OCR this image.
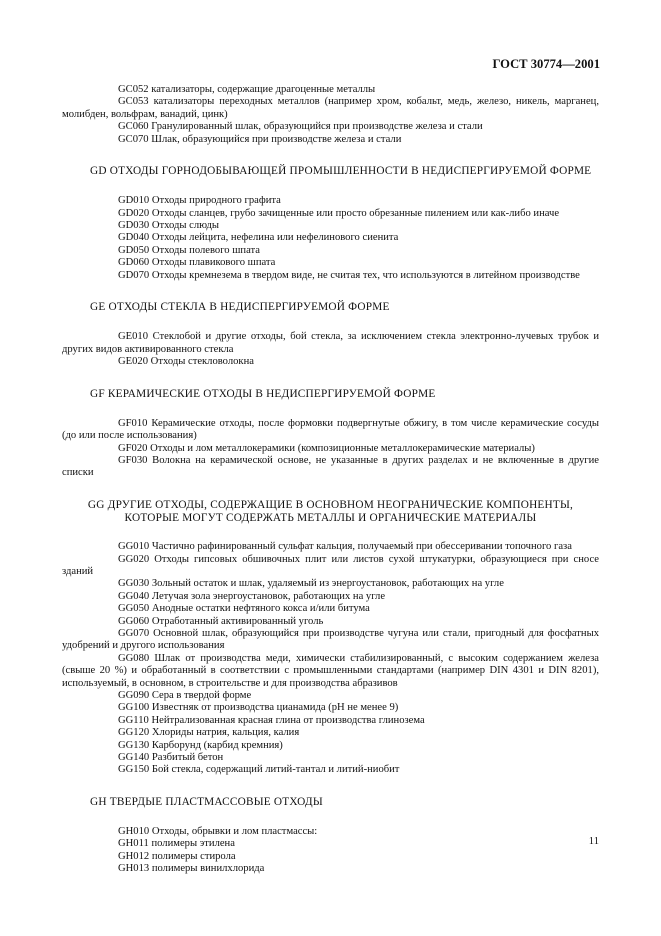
ГОСТ 30774—2001

GC052 катализаторы, содержащие драгоценные металлы

GC053 катализаторы переходных металлов (например хром, кобальт, медь, железо, никель, марганец, молибден, вольфрам, ванадий, цинк)

GC060 Гранулированный шлак, образующийся при производстве железа и стали

GC070 Шлак, образующийся при производстве железа и стали

GD ОТХОДЫ ГОРНОДОБЫВАЮЩЕЙ ПРОМЫШЛЕННОСТИ В НЕДИСПЕРГИРУЕМОЙ ФОРМЕ

GD010 Отходы природного графита

GD020 Отходы сланцев, грубо зачищенные или просто обрезанные пилением или как-либо иначе

GD030 Отходы слюды

GD040 Отходы лейцита, нефелина или нефелинового сиенита

GD050 Отходы полевого шпата

GD060 Отходы плавикового шпата

GD070 Отходы кремнезема в твердом виде, не считая тех, что используются в литейном производстве

GE ОТХОДЫ СТЕКЛА В НЕДИСПЕРГИРУЕМОЙ ФОРМЕ

GE010 Стеклобой и другие отходы, бой стекла, за исключением стекла электронно-лучевых трубок и других видов активированного стекла

GE020 Отходы стекловолокна

GF КЕРАМИЧЕСКИЕ ОТХОДЫ В НЕДИСПЕРГИРУЕМОЙ ФОРМЕ

GF010 Керамические отходы, после формовки подвергнутые обжигу, в том числе керамические сосуды (до или после использования)

GF020 Отходы и лом металлокерамики (композиционные металлокерамические материалы)

GF030 Волокна на керамической основе, не указанные в других разделах и не включенные в другие списки

GG ДРУГИЕ ОТХОДЫ, СОДЕРЖАЩИЕ В ОСНОВНОМ НЕОГРАНИЧЕСКИЕ КОМПОНЕНТЫ,
КОТОРЫЕ МОГУТ СОДЕРЖАТЬ МЕТАЛЛЫ И ОРГАНИЧЕСКИЕ МАТЕРИАЛЫ

GG010 Частично рафинированный сульфат кальция, получаемый при обессеривании топочного газа

GG020 Отходы гипсовых обшивочных плит или листов сухой штукатурки, образующиеся при сносе зданий

GG030 Зольный остаток и шлак, удаляемый из энергоустановок, работающих на угле

GG040 Летучая зола энергоустановок, работающих на угле

GG050 Анодные остатки нефтяного кокса и/или битума

GG060 Отработанный активированный уголь

GG070 Основной шлак, образующийся при производстве чугуна или стали, пригодный для фосфатных удобрений и другого использования

GG080 Шлак от производства меди, химически стабилизированный, с высоким содержанием железа (свыше 20 %) и обработанный в соответствии с промышленными стандартами (например DIN 4301 и DIN 8201), используемый, в основном, в строительстве и для производства абразивов

GG090 Сера в твердой форме

GG100 Известняк от производства цианамида (рН не менее 9)

GG110 Нейтрализованная красная глина от производства глинозема

GG120 Хлориды натрия, кальция, калия

GG130 Карборунд (карбид кремния)

GG140 Разбитый бетон

GG150 Бой стекла, содержащий литий-тантал и литий-ниобит

GH ТВЕРДЫЕ ПЛАСТМАССОВЫЕ ОТХОДЫ

GH010 Отходы, обрывки и лом пластмассы:

GH011 полимеры этилена

GH012 полимеры стирола

GH013 полимеры винилхлорида

11
